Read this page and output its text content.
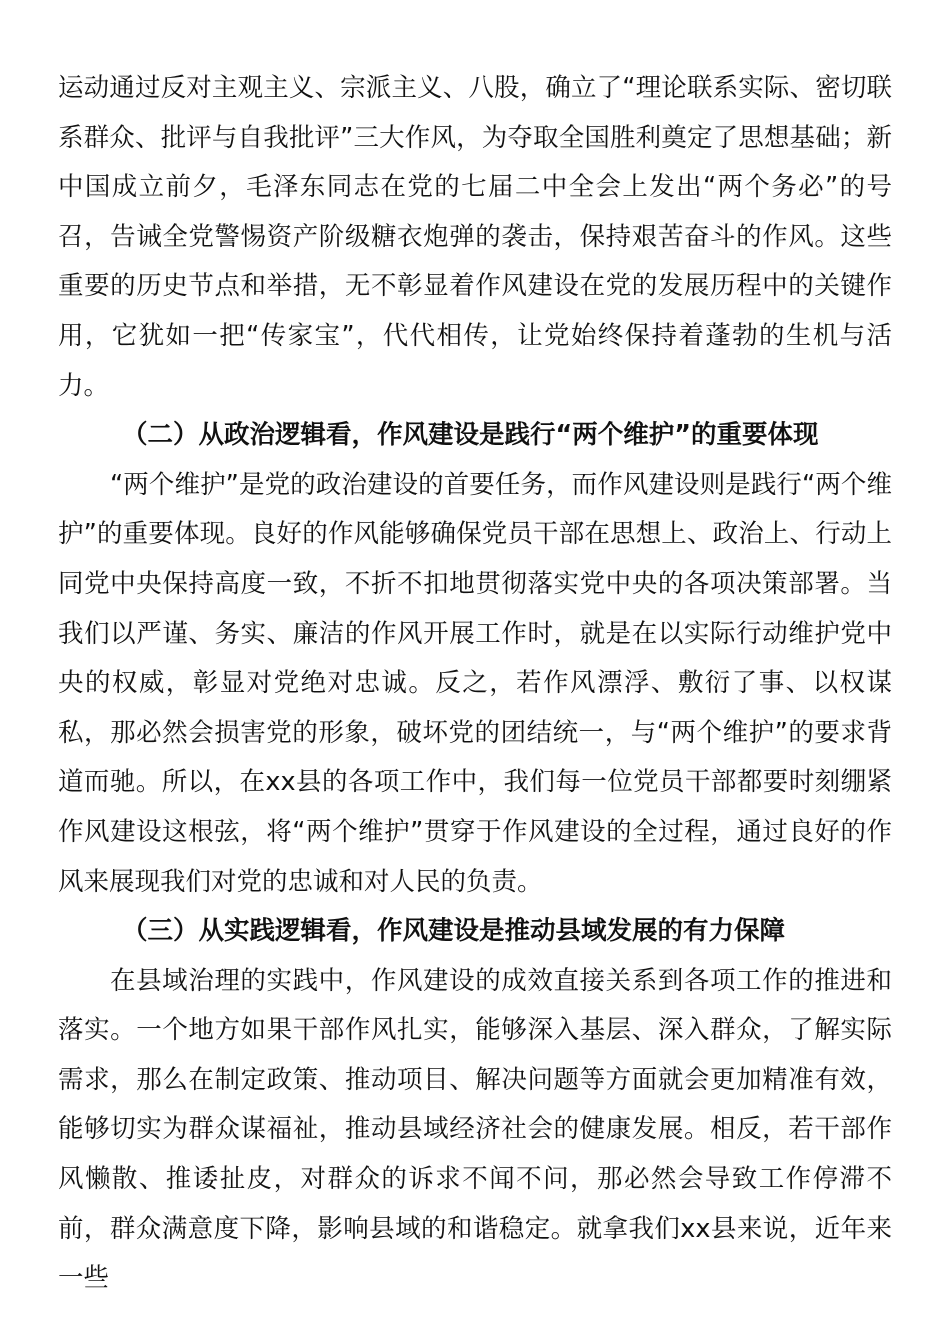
运动通过反对主观主义、宗派主义、八股，确立了“理论联系实际、密切联系群众、批评与自我批评”三大作风，为夺取全国胜利奠定了思想基础；新中国成立前夕，毛泽东同志在党的七届二中全会上发出“两个务必”的号召，告诫全党警惕资产阶级糖衣炮弹的袭击，保持艰苦奋斗的作风。这些重要的历史节点和举措，无不彰显着作风建设在党的发展历程中的关键作用，它犹如一把“传家宝”，代代相传，让党始终保持着蓬勃的生机与活力。

（二）从政治逻辑看，作风建设是践行“两个维护”的重要体现

“两个维护”是党的政治建设的首要任务，而作风建设则是践行“两个维护”的重要体现。良好的作风能够确保党员干部在思想上、政治上、行动上同党中央保持高度一致，不折不扣地贯彻落实党中央的各项决策部署。当我们以严谨、务实、廉洁的作风开展工作时，就是在以实际行动维护党中央的权威，彰显对党绝对忠诚。反之，若作风漂浮、敷衍了事、以权谋私，那必然会损害党的形象，破坏党的团结统一，与“两个维护”的要求背道而驰。所以，在xx县的各项工作中，我们每一位党员干部都要时刻绷紧作风建设这根弦，将“两个维护”贯穿于作风建设的全过程，通过良好的作风来展现我们对党的忠诚和对人民的负责。

（三）从实践逻辑看，作风建设是推动县域发展的有力保障

在县域治理的实践中，作风建设的成效直接关系到各项工作的推进和落实。一个地方如果干部作风扎实，能够深入基层、深入群众，了解实际需求，那么在制定政策、推动项目、解决问题等方面就会更加精准有效，能够切实为群众谋福祉，推动县域经济社会的健康发展。相反，若干部作风懒散、推诿扯皮，对群众的诉求不闻不问，那必然会导致工作停滞不前，群众满意度下降，影响县域的和谐稳定。就拿我们xx县来说，近年来一些
